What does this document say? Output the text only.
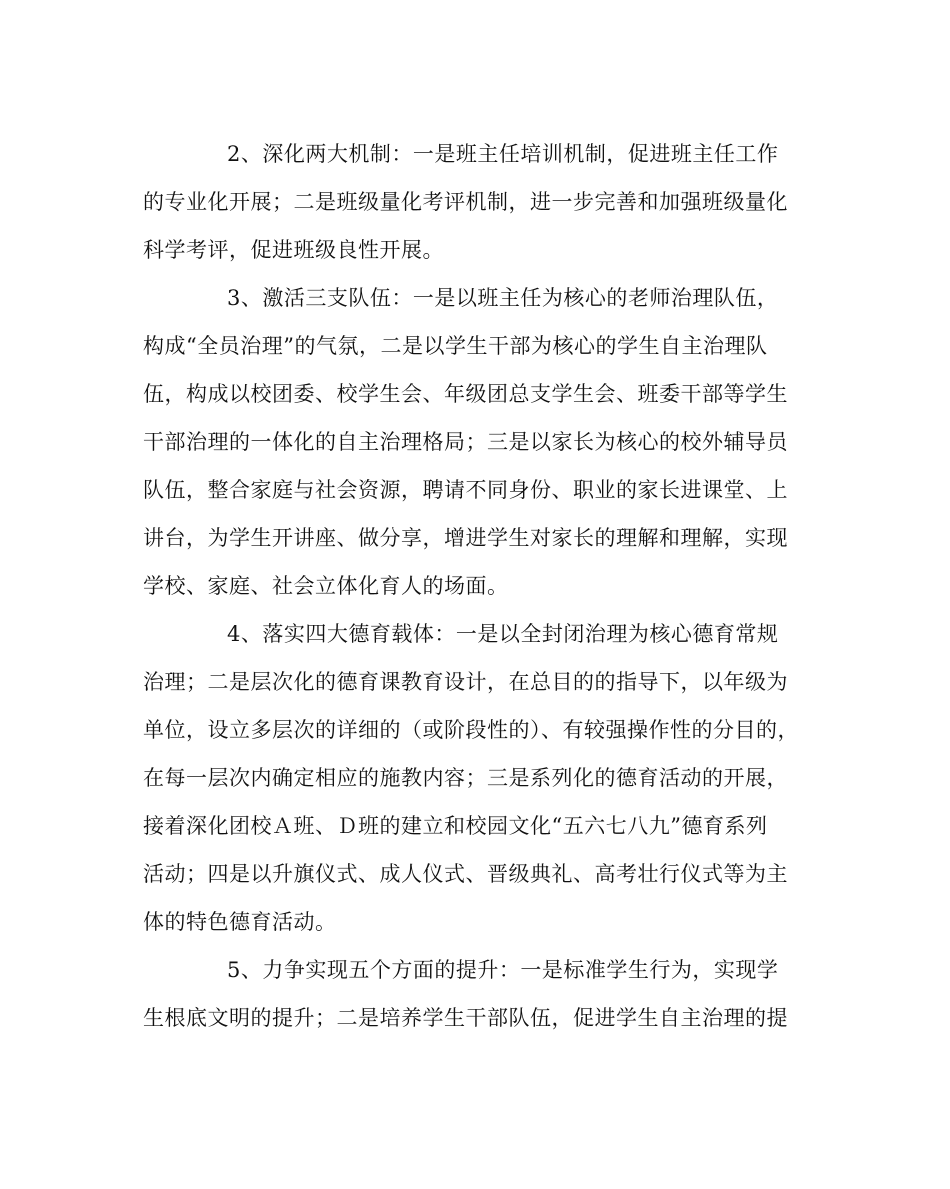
2、深化两大机制：一是班主任培训机制，促进班主任工作
的专业化开展；二是班级量化考评机制，进一步完善和加强班级量化
科学考评，促进班级良性开展。
3、激活三支队伍：一是以班主任为核心的老师治理队伍，
构成“全员治理”的气氛，二是以学生干部为核心的学生自主治理队
伍，构成以校团委、校学生会、年级团总支学生会、班委干部等学生
干部治理的一体化的自主治理格局；三是以家长为核心的校外辅导员
队伍，整合家庭与社会资源，聘请不同身份、职业的家长进课堂、上
讲台，为学生开讲座、做分享，增进学生对家长的理解和理解，实现
学校、家庭、社会立体化育人的场面。
4、落实四大德育载体：一是以全封闭治理为核心德育常规
治理；二是层次化的德育课教育设计，在总目的的指导下，以年级为
单位，设立多层次的详细的（或阶段性的）、有较强操作性的分目的，
在每一层次内确定相应的施教内容；三是系列化的德育活动的开展，
接着深化团校Ａ班、Ｄ班的建立和校园文化“五六七八九”德育系列
活动；四是以升旗仪式、成人仪式、晋级典礼、高考壮行仪式等为主
体的特色德育活动。
5、力争实现五个方面的提升：一是标准学生行为，实现学
生根底文明的提升；二是培养学生干部队伍，促进学生自主治理的提
